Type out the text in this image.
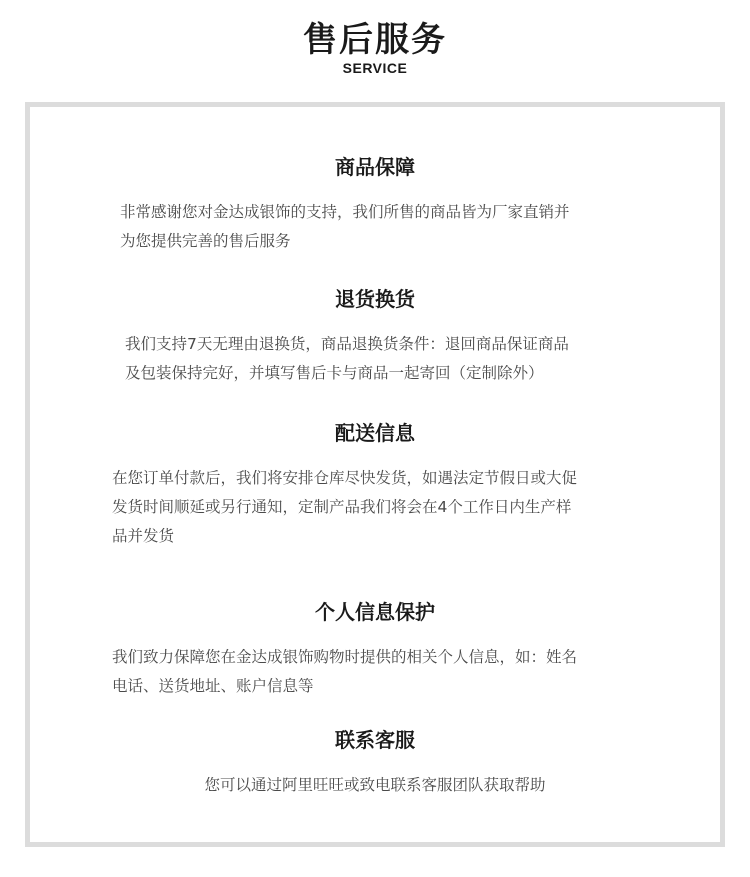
售后服务
SERVICE
商品保障
非常感谢您对金达成银饰的支持，我们所售的商品皆为厂家直销并
为您提供完善的售后服务
退货换货
我们支持7天无理由退换货，商品退换货条件：退回商品保证商品
及包装保持完好，并填写售后卡与商品一起寄回（定制除外）
配送信息
在您订单付款后，我们将安排仓库尽快发货，如遇法定节假日或大促
发货时间顺延或另行通知，定制产品我们将会在4个工作日内生产样
品并发货
个人信息保护
我们致力保障您在金达成银饰购物时提供的相关个人信息，如：姓名
电话、送货地址、账户信息等
联系客服
您可以通过阿里旺旺或致电联系客服团队获取帮助
